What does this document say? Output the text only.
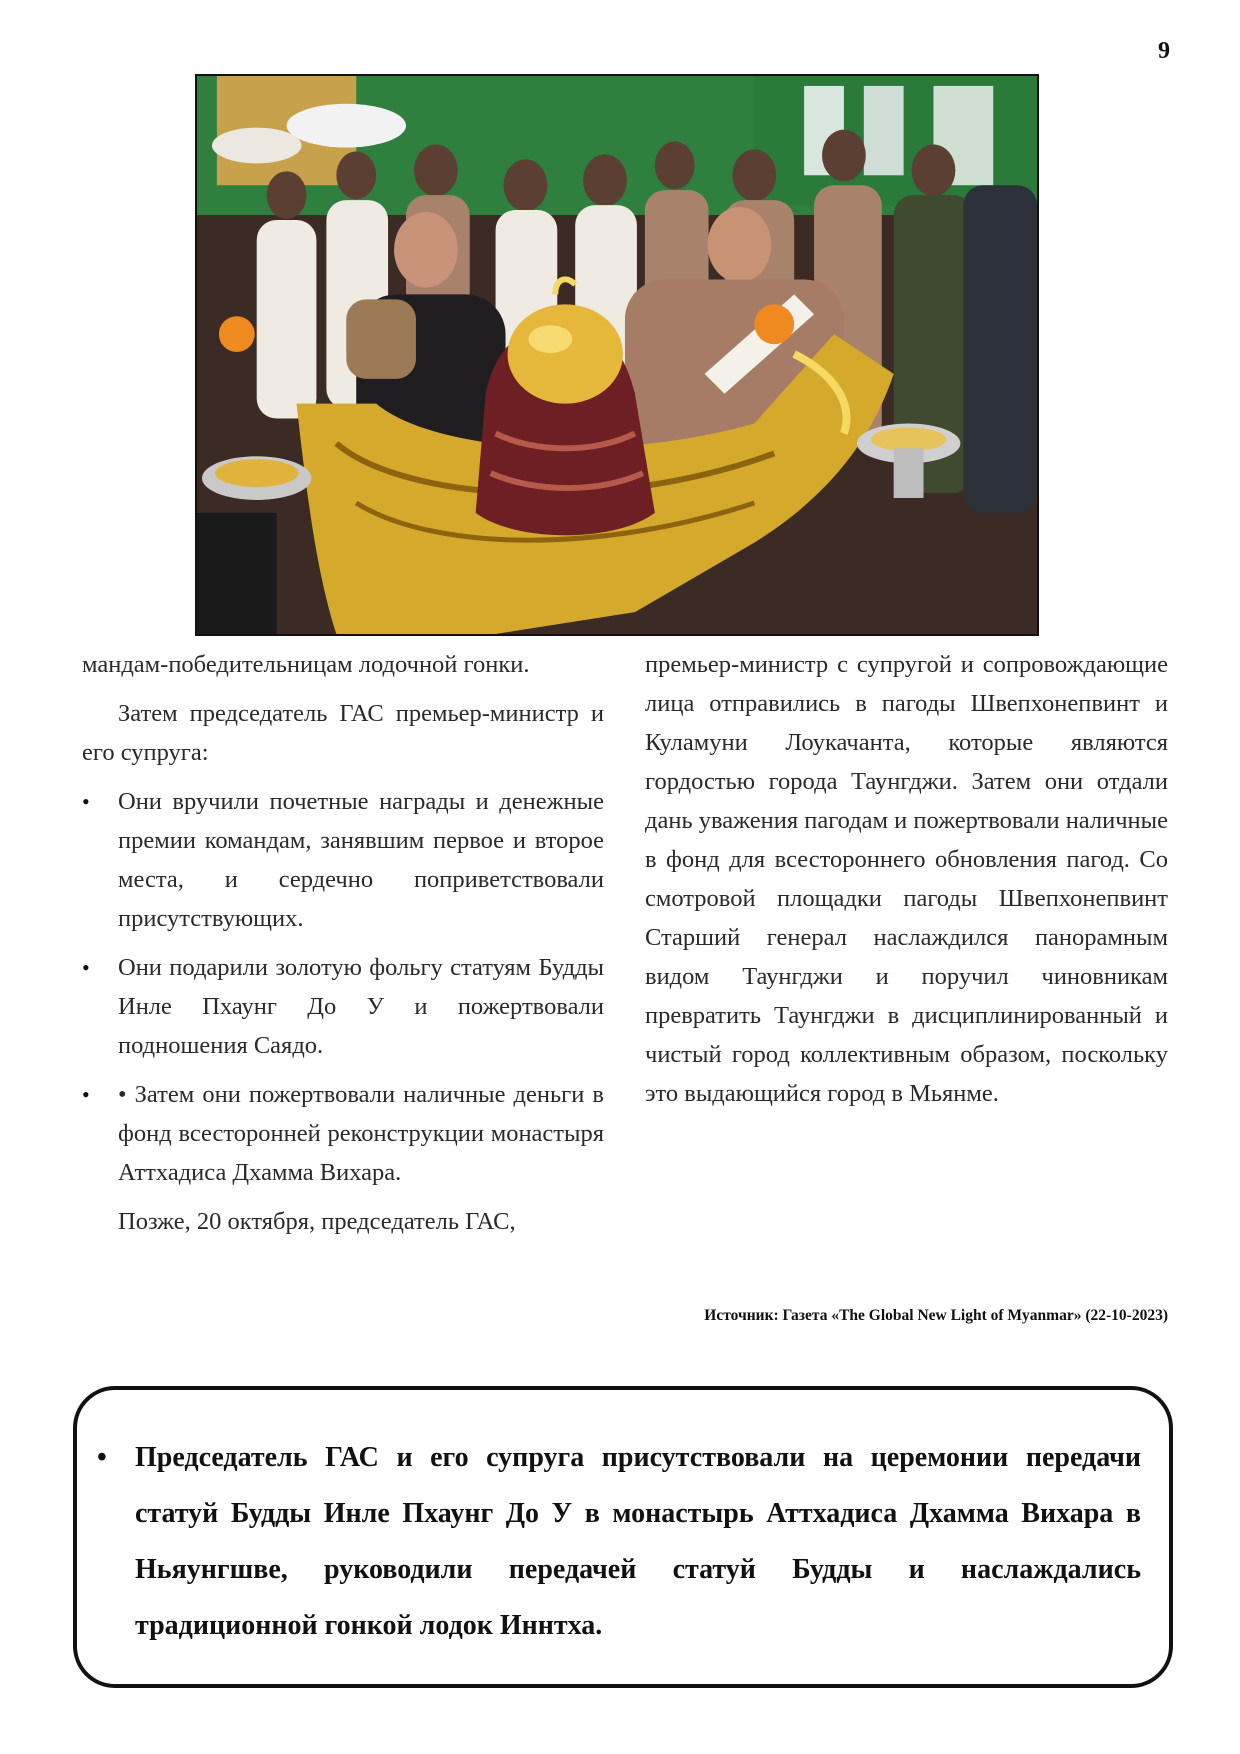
9

мандам-победительницам лодочной гонки.

Затем председатель ГАС премьер-министр и его супруга:

• Они вручили почетные награды и денежные премии командам, занявшим первое и второе места, и сердечно поприветствовали присутствующих.
• Они подарили золотую фольгу статуям Будды Инле Пхаунг До У и пожертвовали подношения Саядо.
• • Затем они пожертвовали наличные деньги в фонд всесторонней реконструкции монастыря Аттхадиса Дхамма Вихара.

Позже, 20 октября, председатель ГАС,

премьер-министр с супругой и сопровождающие лица отправились в пагоды Швепхонепвинт и Куламуни Лоукачанта, которые являются гордостью города Таунгджи. Затем они отдали дань уважения пагодам и пожертвовали наличные в фонд для всестороннего обновления пагод. Со смотровой площадки пагоды Швепхонепвинт Старший генерал наслаждился панорамным видом Таунгджи и поручил чиновникам превратить Таунгджи в дисциплинированный и чистый город коллективным образом, поскольку это выдающийся город в Мьянме.

Источник: Газета «The Global New Light of Myanmar» (22-10-2023)
• Председатель ГАС и его супруга присутствовали на церемонии передачи статуй Будды Инле Пхаунг До У в монастырь Аттхадиса Дхамма Вихара в Ньяунгшве, руководили передачей статуй Будды и наслаждались традиционной гонкой лодок Иннтха.
